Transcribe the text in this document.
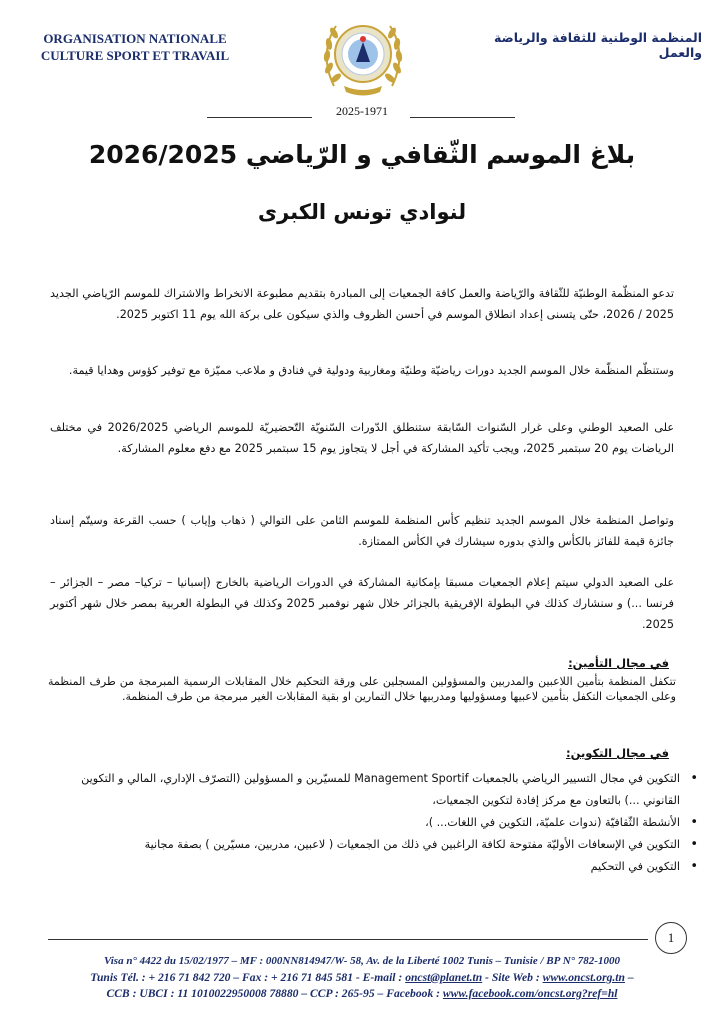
ORGANISATION NATIONALE
CULTURE SPORT ET TRAVAIL
المنظمة الوطنية للثقافة والرياضة والعمل
2025-1971
بلاغ الموسم الثّقافي و الرّياضي 2026/2025
لنوادي تونس الكبرى
تدعو المنظّمة الوطنيّة للثّقافة والرّياضة والعمل كافة الجمعيات إلى المبادرة بتقديم مطبوعة الانخراط والاشتراك للموسم الرّياضي الجديد 2025 / 2026، حتّى يتسنى إعداد انطلاق الموسم في أحسن الظروف والذي سيكون على بركة الله يوم 11 اكتوبر 2025.
وستنظّم المنظّمة خلال الموسم الجديد دورات رياضيّة وطنيّة ومغاربية ودولية في فنادق و ملاعب مميّزة مع توفير كؤوس وهدايا قيمة.
على الصعيد الوطني وعلى غرار السّنوات السّابقة ستنطلق الدّورات السّنويّة التّحضيريّة للموسم الرياضي 2026/2025 في مختلف الرياضات يوم 20 سبتمبر 2025، ويجب تأكيد المشاركة في أجل لا يتجاوز يوم 15 سبتمبر 2025 مع دفع معلوم المشاركة.
وتواصل المنظمة خلال الموسم الجديد تنظيم كأس المنظمة للموسم الثامن على التوالي ( ذهاب وإياب ) حسب القرعة وسيتّم إسناد جائزة قيمة للفائز بالكأس والذي بدوره سيشارك في الكأس الممتازة.
على الصعيد الدولي سيتم إعلام الجمعيات مسبقا بإمكانية المشاركة في الدورات الرياضية بالخارج (إسبانيا – تركيا– مصر – الجزائر – فرنسا ...) و سنشارك كذلك في البطولة الإفريقية بالجزائر خلال شهر نوفمبر 2025 وكذلك في البطولة العربية بمصر خلال شهر أكتوبر 2025.
في مجال التأمين:
تتكفل المنظمة بتأمين اللاعبين والمدربين والمسؤولين المسجلين على ورقة التحكيم خلال المقابلات الرسمية المبرمجة من طرف المنظمة وعلى الجمعيات التكفل بتأمين لاعبيها ومسؤوليها ومدربيها خلال التمارين او بقية المقابلات الغير مبرمجة من طرف المنظمة.
في مجال التكوين:
• التكوين في مجال التسيير الرياضي بالجمعيات Management Sportif للمسيّرين و المسؤولين (التصرّف الإداري، المالي و التكوين القانوني ...) بالتعاون مع مركز إفادة لتكوين الجمعيات،
• الأنشطة الثّقافيّة (ندوات علميّة، التكوين في اللغات... )،
• التكوين في الإسعافات الأوليّة مفتوحة لكافة الراغبين في ذلك من الجمعيات ( لاعبين، مدربين، مسيّرين ) بصفة مجانية
• التكوين في التحكيم
1
Visa n° 4422 du 15/02/1977 – MF : 000NN814947/W- 58, Av. de la Liberté 1002 Tunis – Tunisie / BP N° 782-1000
Tunis Tél. : + 216 71 842 720 – Fax : + 216 71 845 581 - E-mail : oncst@planet.tn - Site Web : www.oncst.org.tn –
CCB : UBCI : 11 1010022950008 78880 – CCP : 265-95 – Facebook : www.facebook.com/oncst.org?ref=hl
